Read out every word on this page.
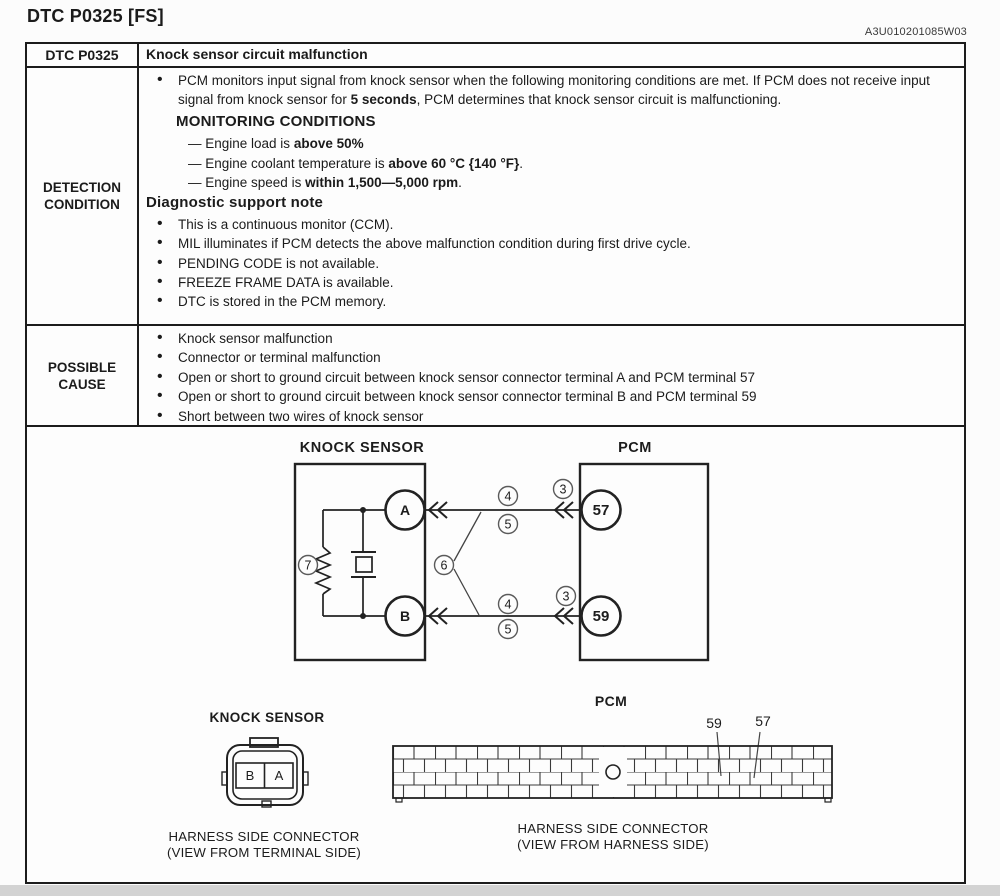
DTC P0325 [FS]
A3U010201085W03
DTC P0325	Knock sensor circuit malfunction
DETECTION CONDITION
• PCM monitors input signal from knock sensor when the following monitoring conditions are met. If PCM does not receive input signal from knock sensor for 5 seconds, PCM determines that knock sensor circuit is malfunctioning.
MONITORING CONDITIONS
— Engine load is above 50%
— Engine coolant temperature is above 60 °C {140 °F}.
— Engine speed is within 1,500—5,000 rpm.
Diagnostic support note
• This is a continuous monitor (CCM).
• MIL illuminates if PCM detects the above malfunction condition during first drive cycle.
• PENDING CODE is not available.
• FREEZE FRAME DATA is available.
• DTC is stored in the PCM memory.
POSSIBLE CAUSE
• Knock sensor malfunction
• Connector or terminal malfunction
• Open or short to ground circuit between knock sensor connector terminal A and PCM terminal 57
• Open or short to ground circuit between knock sensor connector terminal B and PCM terminal 59
• Short between two wires of knock sensor
KNOCK SENSOR	PCM
A
B
57
59
4
5
3
4
5
3
6
7
KNOCK SENSOR
B A
HARNESS SIDE CONNECTOR
(VIEW FROM TERMINAL SIDE)
PCM
59 57
HARNESS SIDE CONNECTOR
(VIEW FROM HARNESS SIDE)
